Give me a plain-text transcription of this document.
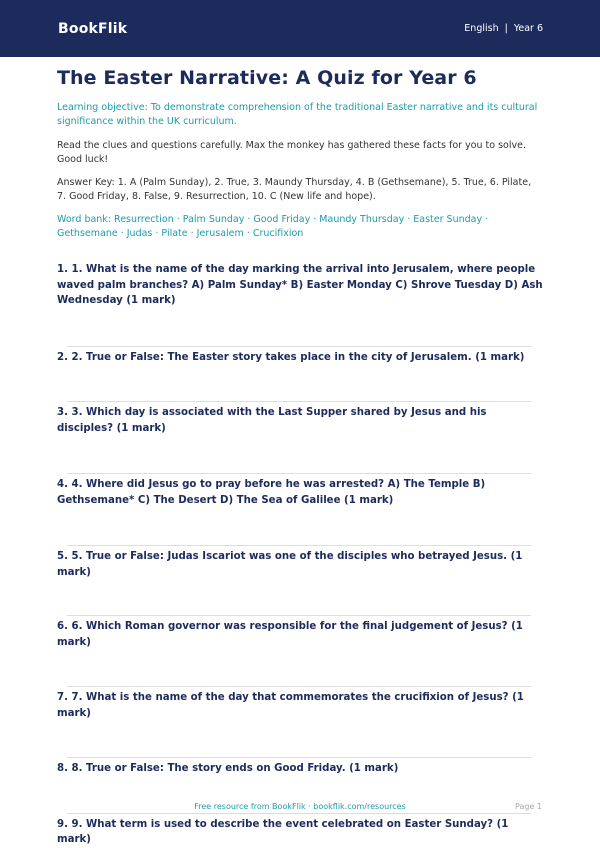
BookFlik	English | Year 6
The Easter Narrative: A Quiz for Year 6

Learning objective: To demonstrate comprehension of the traditional Easter narrative and its cultural significance within the UK curriculum.

Read the clues and questions carefully. Max the monkey has gathered these facts for you to solve. Good luck!

Answer Key: 1. A (Palm Sunday), 2. True, 3. Maundy Thursday, 4. B (Gethsemane), 5. True, 6. Pilate, 7. Good Friday, 8. False, 9. Resurrection, 10. C (New life and hope).

Word bank: Resurrection · Palm Sunday · Good Friday · Maundy Thursday · Easter Sunday · Gethsemane · Judas · Pilate · Jerusalem · Crucifixion

1. 1. What is the name of the day marking the arrival into Jerusalem, where people waved palm branches? A) Palm Sunday* B) Easter Monday C) Shrove Tuesday D) Ash Wednesday (1 mark)
2. 2. True or False: The Easter story takes place in the city of Jerusalem. (1 mark)
3. 3. Which day is associated with the Last Supper shared by Jesus and his disciples? (1 mark)
4. 4. Where did Jesus go to pray before he was arrested? A) The Temple B) Gethsemane* C) The Desert D) The Sea of Galilee (1 mark)
5. 5. True or False: Judas Iscariot was one of the disciples who betrayed Jesus. (1 mark)
6. 6. Which Roman governor was responsible for the final judgement of Jesus? (1 mark)
7. 7. What is the name of the day that commemorates the crucifixion of Jesus? (1 mark)
8. 8. True or False: The story ends on Good Friday. (1 mark)
9. 9. What term is used to describe the event celebrated on Easter Sunday? (1 mark)
Free resource from BookFlik · bookflik.com/resources	Page 1
